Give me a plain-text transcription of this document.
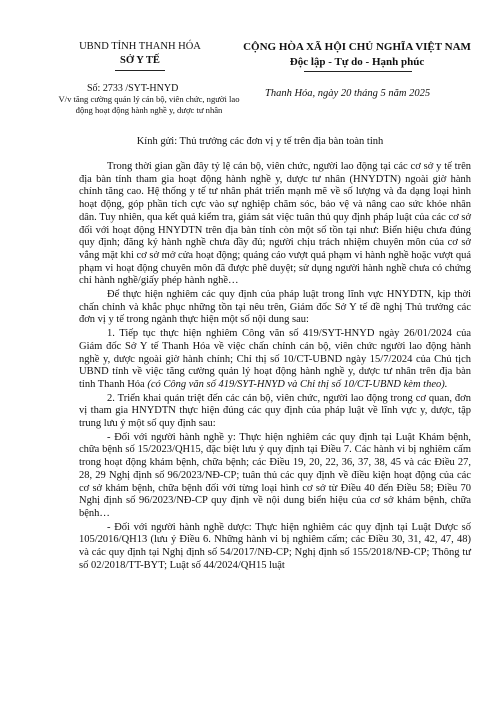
UBND TỈNH THANH HÓA
SỞ Y TẾ
CỘNG HÒA XÃ HỘI CHỦ NGHĨA VIỆT NAM
Độc lập - Tự do - Hạnh phúc
Số: 2733 /SYT-HNYD
V/v tăng cường quản lý cán bộ, viên chức, người lao động hoạt động hành nghề y, dược tư nhân
Thanh Hóa, ngày 20 tháng 5 năm 2025
Kính gửi: Thủ trưởng các đơn vị y tế trên địa bàn toàn tỉnh

Trong thời gian gần đây tỷ lệ cán bộ, viên chức, người lao động tại các cơ sở y tế trên địa bàn tỉnh tham gia hoạt động hành nghề y, dược tư nhân (HNYDTN) ngoài giờ hành chính tăng cao. Hệ thống y tế tư nhân phát triển mạnh mẽ về số lượng và đa dạng loại hình hoạt động, góp phần tích cực vào sự nghiệp chăm sóc, bảo vệ và nâng cao sức khỏe nhân dân. Tuy nhiên, qua kết quả kiểm tra, giám sát việc tuân thủ quy định pháp luật của các cơ sở đối với hoạt động HNYDTN trên địa bàn tỉnh còn một số tồn tại như: Biển hiệu chưa đúng quy định; đăng ký hành nghề chưa đầy đủ; người chịu trách nhiệm chuyên môn của cơ sở vắng mặt khi cơ sở mở cửa hoạt động; quảng cáo vượt quá phạm vi hành nghề hoặc vượt quá phạm vi hoạt động chuyên môn đã được phê duyệt; sử dụng người hành nghề chưa có chứng chỉ hành nghề/giấy phép hành nghề…

Để thực hiện nghiêm các quy định của pháp luật trong lĩnh vực HNYDTN, kịp thời chấn chỉnh và khắc phục những tồn tại nêu trên, Giám đốc Sở Y tế đề nghị Thủ trưởng các đơn vị y tế trong ngành thực hiện một số nội dung sau:

1. Tiếp tục thực hiện nghiêm Công văn số 419/SYT-HNYD ngày 26/01/2024 của Giám đốc Sở Y tế Thanh Hóa về việc chấn chỉnh cán bộ, viên chức người lao động hành nghề y, dược ngoài giờ hành chính; Chỉ thị số 10/CT-UBND ngày 15/7/2024 của Chủ tịch UBND tỉnh về việc tăng cường quản lý hoạt động hành nghề y, dược tư nhân trên địa bàn tỉnh Thanh Hóa (có Công văn số 419/SYT-HNYD và Chỉ thị số 10/CT-UBND kèm theo).

2. Triển khai quán triệt đến các cán bộ, viên chức, người lao động trong cơ quan, đơn vị tham gia HNYDTN thực hiện đúng các quy định của pháp luật về lĩnh vực y, dược, tập trung lưu ý một số quy định sau:

- Đối với người hành nghề y: Thực hiện nghiêm các quy định tại Luật Khám bệnh, chữa bệnh số 15/2023/QH15, đặc biệt lưu ý quy định tại Điều 7. Các hành vi bị nghiêm cấm trong hoạt động khám bệnh, chữa bệnh; các Điều 19, 20, 22, 36, 37, 38, 45 và các Điều 27, 28, 29 Nghị định số 96/2023/NĐ-CP; tuân thủ các quy định về điều kiện hoạt động của các cơ sở khám bệnh, chữa bệnh đối với từng loại hình cơ sở từ Điều 40 đến Điều 58; Điều 70 Nghị định số 96/2023/NĐ-CP quy định về nội dung biển hiệu của cơ sở khám bệnh, chữa bệnh…

- Đối với người hành nghề dược: Thực hiện nghiêm các quy định tại Luật Dược số 105/2016/QH13 (lưu ý Điều 6. Những hành vi bị nghiêm cấm; các Điều 30, 31, 42, 47, 48) và các quy định tại Nghị định số 54/2017/NĐ-CP; Nghị định số 155/2018/NĐ-CP; Thông tư số 02/2018/TT-BYT; Luật số 44/2024/QH15 luật
